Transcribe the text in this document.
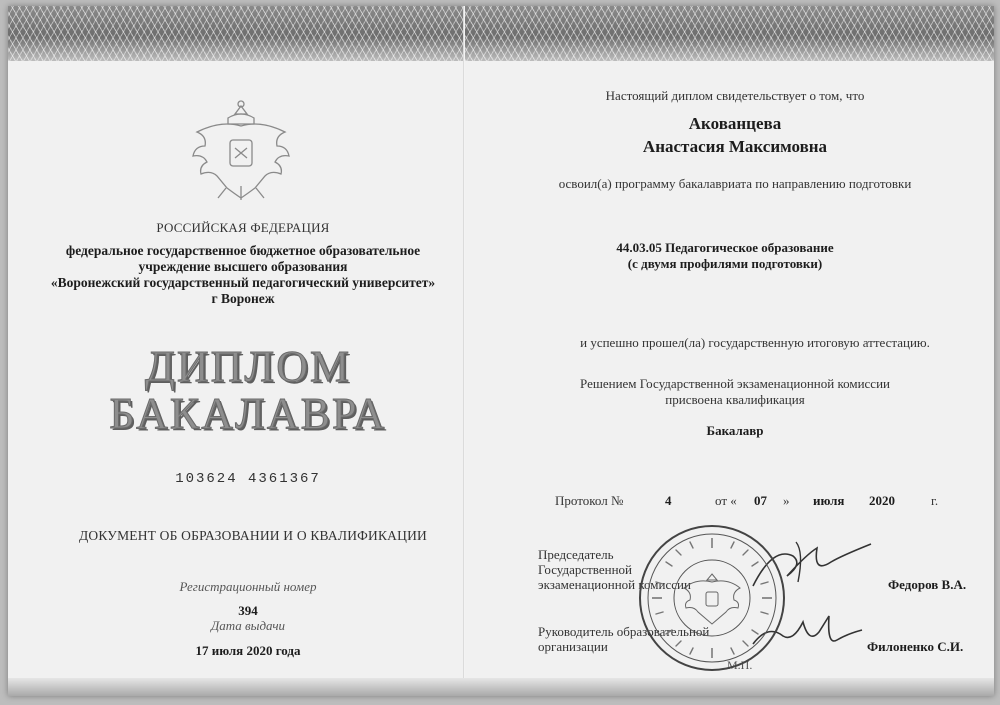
РОССИЙСКАЯ ФЕДЕРАЦИЯ
федеральное государственное бюджетное образовательное
учреждение высшего образования
«Воронежский государственный педагогический университет»
г Воронеж
ДИПЛОМ
БАКАЛАВРА
103624 4361367
ДОКУМЕНТ ОБ ОБРАЗОВАНИИ И О КВАЛИФИКАЦИИ
Регистрационный номер
394
Дата выдачи
17 июля 2020 года
Настоящий диплом свидетельствует о том, что
Акованцева
Анастасия Максимовна
освоил(а) программу бакалавриата по направлению подготовки
44.03.05 Педагогическое образование
(с двумя профилями подготовки)
и успешно прошел(ла) государственную итоговую аттестацию.
Решением Государственной экзаменационной комиссии
присвоена квалификация
Бакалавр
Протокол №	4	от « 07 » июля 2020	г.
Председатель
Государственной
экзаменационной комиссии	Федоров В.А.
Руководитель образовательной
организации	Филоненко С.И.
М.П.
